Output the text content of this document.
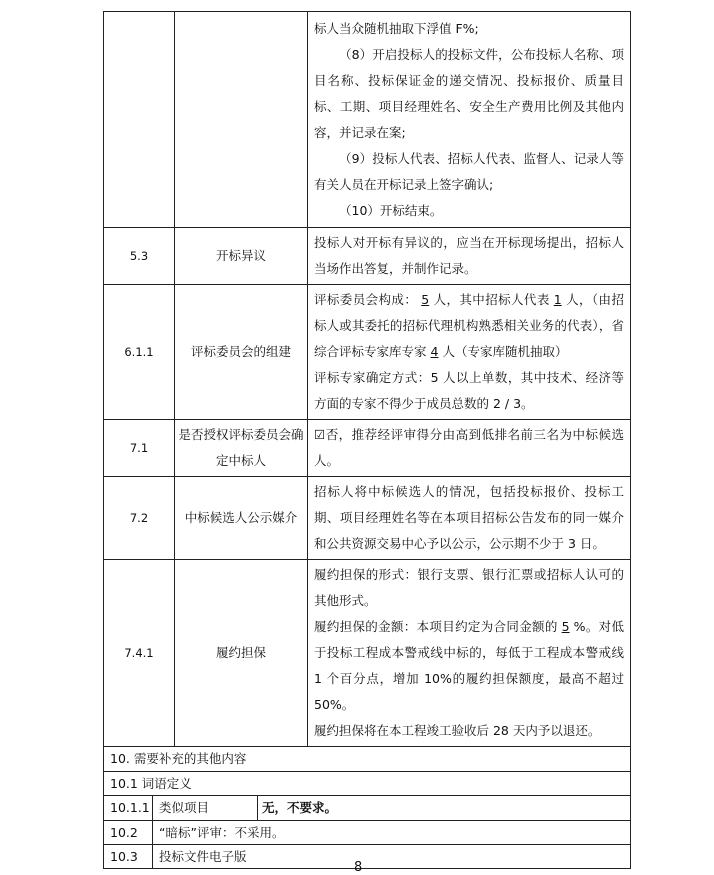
				标人当众随机抽取下浮值 F%;

（8）开启投标人的投标文件，公布投标人名称、项目名称、投标保证金的递交情况、投标报价、质量目标、工期、项目经理姓名、安全生产费用比例及其他内容，并记录在案;

（9）投标人代表、招标人代表、监督人、记录人等有关人员在开标记录上签字确认;

（10）开标结束。

5.3		开标异议		投标人对开标有异议的，应当在开标现场提出，招标人当场作出答复，并制作记录。
6.1.1		评标委员会的组建		评标委员会构成： 5 人，其中招标人代表 1 人，（由招标人或其委托的招标代理机构熟悉相关业务的代表），省综合评标专家库专家 4 人（专家库随机抽取）

评标专家确定方式：5 人以上单数，其中技术、经济等方面的专家不得少于成员总数的 2 / 3。

7.1		是否授权评标委员会确定中标人		☑否，推荐经评审得分由高到低排名前三名为中标候选人。
7.2		中标候选人公示媒介		招标人将中标候选人的情况，包括投标报价、投标工期、项目经理姓名等在本项目招标公告发布的同一媒介和公共资源交易中心予以公示，公示期不少于 3 日。
7.4.1		履约担保		履约担保的形式：银行支票、银行汇票或招标人认可的其他形式。

履约担保的金额：本项目约定为合同金额的 5 %。对低于投标工程成本警戒线中标的，每低于工程成本警戒线 1 个百分点，增加 10%的履约担保额度，最高不超过 50%。

履约担保将在本工程竣工验收后 28 天内予以退还。

10. 需要补充的其他内容				
10.1 词语定义				
10.1.1	类似项目		无，不要求。	
10.2	“暗标”评审：不采用。			
10.3	投标文件电子版			
8
